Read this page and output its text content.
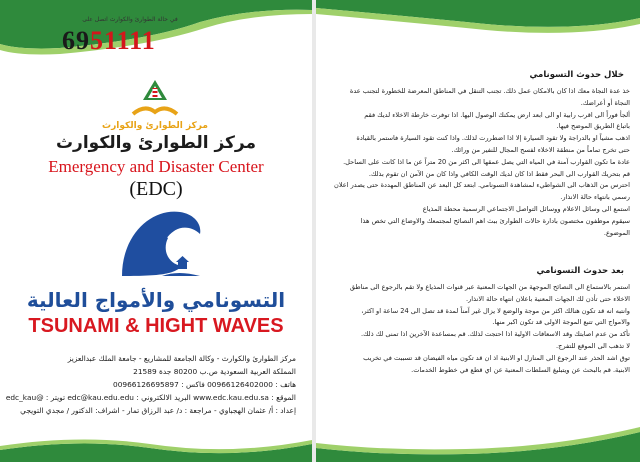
في حالة الطوارئ والكوارث اتصل على
6951111
مركز الطوارئ والكوارث
مركز الطوارئ والكوارث
Emergency and Disaster Center
(EDC)
التسونامي والأمواج العالية
TSUNAMI & HIGHT WAVES
مركز الطوارئ والكوارث - وكالة الجامعة للمشاريع - جامعة الملك عبدالعزيز
المملكة العربية السعودية ص.ب 80200 جدة 21589
هاتف : 00966126402000 فاكس : 00966126695897
الموقع : www.edc.kau.edu.sa البريد الالكتروني : edc@kau.edu.edu تويتر : @edc_kau
إعداد : أ/ عثمان الهجباوي - مراجعة : د/ عبد الرزاق تمار - اشراف: الدكتور / مجدي التويجي
خلال حدوث التسونامي
خذ عدة النجاة معك اذا كان بالامكان عمل ذلك. تجنب التنقل في المناطق المعرضة للخطورة لتجنب عدة
النجاة أو أعراضك.
ألجأ فوراً الى اقرب رابية او الى ابعد ارض يمكنك الوصول اليها. اذا توفرت خارطة الاخلاء لديك فقم
باتباع الطريق الموضح فيها.
اذهب مشياً او بالدراجة ولا تقود السيارة إلا اذا اضطررت لذلك. واذا كنت تقود السيارة فاستمر بالقيادة
حتى تخرج تماماً من منطقة الاخلاء لفسح المجال للنفير من ورائك.
عادة ما تكون القوارب آمنة في المياه التي يصل عمقها الى اكثر من 20 متراً عن ما اذا كانت على الساحل.
قم بتحريك القوارب الى البحر فقط اذا كان لديك الوقت الكافي واذا كان من الآمن ان تقوم بذلك.
احترس من الذهاب الى الشواطيء لمشاهدة التسونامي. ابتعد كل البعد عن المناطق المهددة حتى يصدر اعلان
رسمي بانتهاء حالة الانذار.
استمع الى وسائل الاعلام ووسائل التواصل الاجتماعي الرسمية محطة المذياع
سيقوم موظفون مختصون بادارة حالات الطوارئ ببث اهم النصائح لمجتمعك والاوضاع التي تخص هذا
الموضوع.
بعد حدوث التسونامي
استمر بالاستماع الى النصائح الموجهة من الجهات المعنية عبر قنوات المذياع ولا تقم بالرجوع الى مناطق
الاخلاء حتى تأذن لك الجهات المعنية باعلان انتهاء حالة الانذار.
وانتبه انه قد تكون هنالك اكثر من موجة والوضع لا يزال غير آمناً لمدة قد تصل الى 24 ساعة او اكثر،
والامواج التي تتبع الموجة الاولى قد تكون اكبر منها.
تأكد من عدم اصابتك وقد الاسعافات الاولية اذا احتجت لذلك. قم بمساعدة الآخرين اذا تمنى لك ذلك.
لا تذهب الى الموقع للتفرج.
توق اشد الحذر عند الرجوع الى المنازل او الابنية اذ ان قد تكون مياه الفيضان قد تسببت في تخريب
الابنية. قم بالبحث عن ويتبليغ السلطات المعنية عن اي قطع في خطوط الخدمات.
